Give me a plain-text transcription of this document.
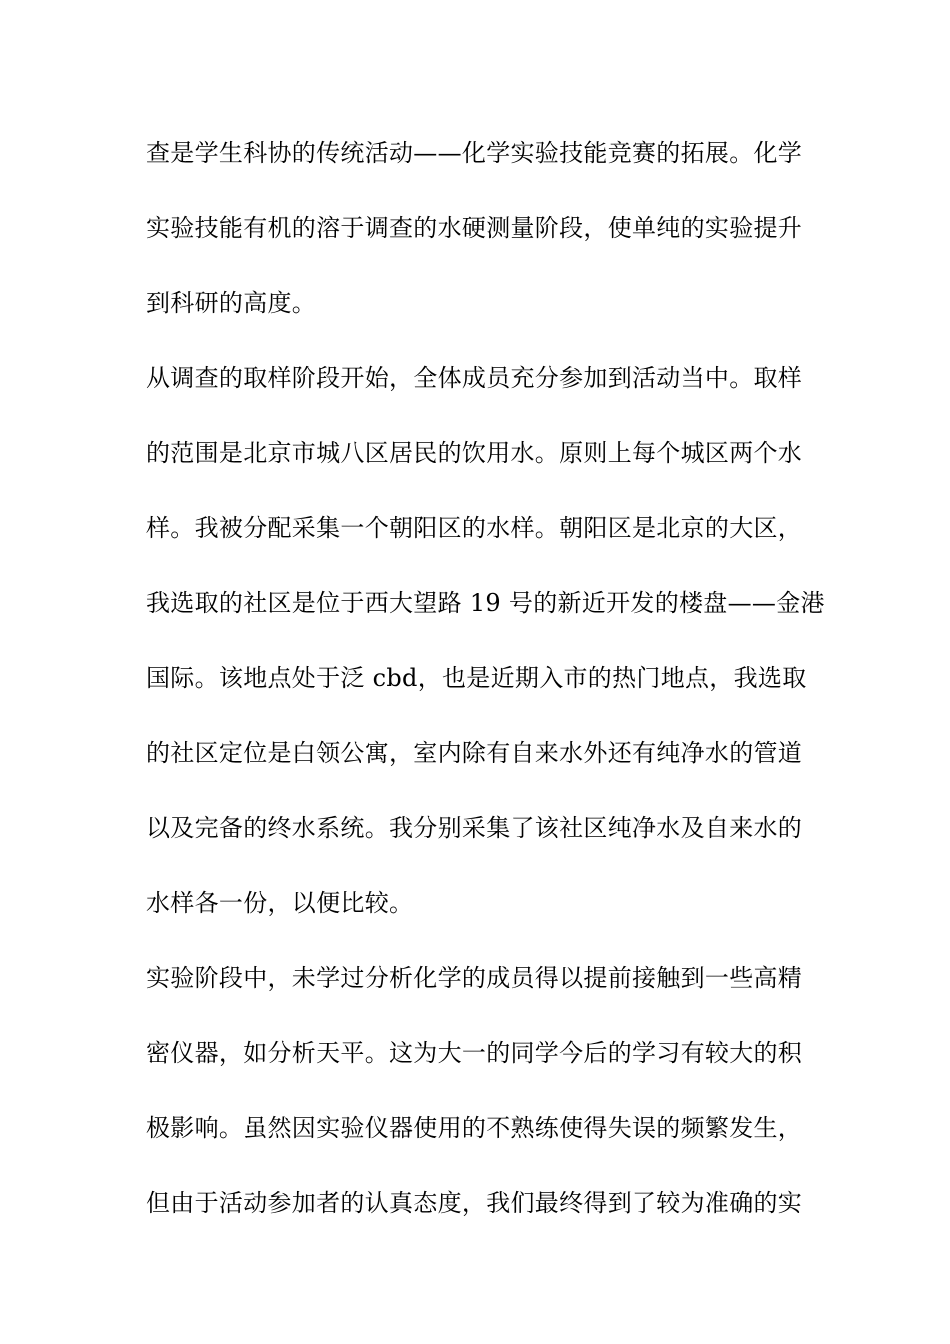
查是学生科协的传统活动——化学实验技能竞赛的拓展。化学
实验技能有机的溶于调查的水硬测量阶段，使单纯的实验提升
到科研的高度。
从调查的取样阶段开始，全体成员充分参加到活动当中。取样
的范围是北京市城八区居民的饮用水。原则上每个城区两个水
样。我被分配采集一个朝阳区的水样。朝阳区是北京的大区，
我选取的社区是位于西大望路 19 号的新近开发的楼盘——金港
国际。该地点处于泛 cbd，也是近期入市的热门地点，我选取
的社区定位是白领公寓，室内除有自来水外还有纯净水的管道
以及完备的终水系统。我分别采集了该社区纯净水及自来水的
水样各一份，以便比较。
实验阶段中，未学过分析化学的成员得以提前接触到一些高精
密仪器，如分析天平。这为大一的同学今后的学习有较大的积
极影响。虽然因实验仪器使用的不熟练使得失误的频繁发生，
但由于活动参加者的认真态度，我们最终得到了较为准确的实
